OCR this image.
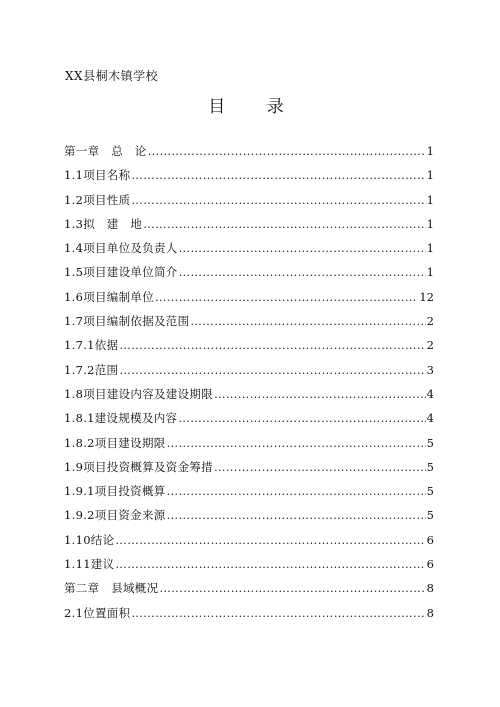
XX县桐木镇学校
目 录
第一章　总　论 ………………………………………………………………………………………………………………………………………	1
1.1项目名称 ………………………………………………………………………………………………………………………………………	1
1.2项目性质 ………………………………………………………………………………………………………………………………………	1
1.3拟　建　地 ………………………………………………………………………………………………………………………………………	1
1.4项目单位及负责人 ………………………………………………………………………………………………………………………………………	1
1.5项目建设单位简介 ………………………………………………………………………………………………………………………………………	1
1.6项目编制单位 ………………………………………………………………………………………………………………………………………	12
1.7项目编制依据及范围 ………………………………………………………………………………………………………………………………………	2
1.7.1依据 ………………………………………………………………………………………………………………………………………	2
1.7.2范围 ………………………………………………………………………………………………………………………………………	3
1.8项目建设内容及建设期限 ………………………………………………………………………………………………………………………………………	4
1.8.1建设规模及内容 ………………………………………………………………………………………………………………………………………	4
1.8.2项目建设期限 ………………………………………………………………………………………………………………………………………	5
1.9项目投资概算及资金筹措 ………………………………………………………………………………………………………………………………………	5
1.9.1项目投资概算 ………………………………………………………………………………………………………………………………………	5
1.9.2项目资金来源 ………………………………………………………………………………………………………………………………………	5
1.10结论 ………………………………………………………………………………………………………………………………………	6
1.11建议 ………………………………………………………………………………………………………………………………………	6
第二章　县域概况 ………………………………………………………………………………………………………………………………………	8
2.1位置面积 ………………………………………………………………………………………………………………………………………	8
